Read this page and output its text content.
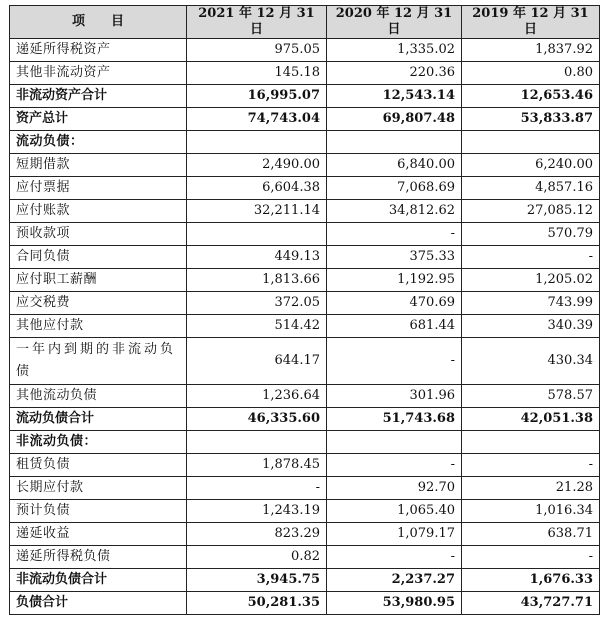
项　　目	2021 年 12 月 31 日	2020 年 12 月 31 日	2019 年 12 月 31 日
递延所得税资产	975.05	1,335.02	1,837.92
其他非流动资产	145.18	220.36	0.80
非流动资产合计	16,995.07	12,543.14	12,653.46
资产总计	74,743.04	69,807.48	53,833.87
流动负债：			
短期借款	2,490.00	6,840.00	6,240.00
应付票据	6,604.38	7,068.69	4,857.16
应付账款	32,211.14	34,812.62	27,085.12
预收款项		-	570.79
合同负债	449.13	375.33	-
应付职工薪酬	1,813.66	1,192.95	1,205.02
应交税费	372.05	470.69	743.99
其他应付款	514.42	681.44	340.39
一年内到期的非流动负债	644.17	-	430.34
其他流动负债	1,236.64	301.96	578.57
流动负债合计	46,335.60	51,743.68	42,051.38
非流动负债：			
租赁负债	1,878.45	-	-
长期应付款	-	92.70	21.28
预计负债	1,243.19	1,065.40	1,016.34
递延收益	823.29	1,079.17	638.71
递延所得税负债	0.82	-	-
非流动负债合计	3,945.75	2,237.27	1,676.33
负债合计	50,281.35	53,980.95	43,727.71
